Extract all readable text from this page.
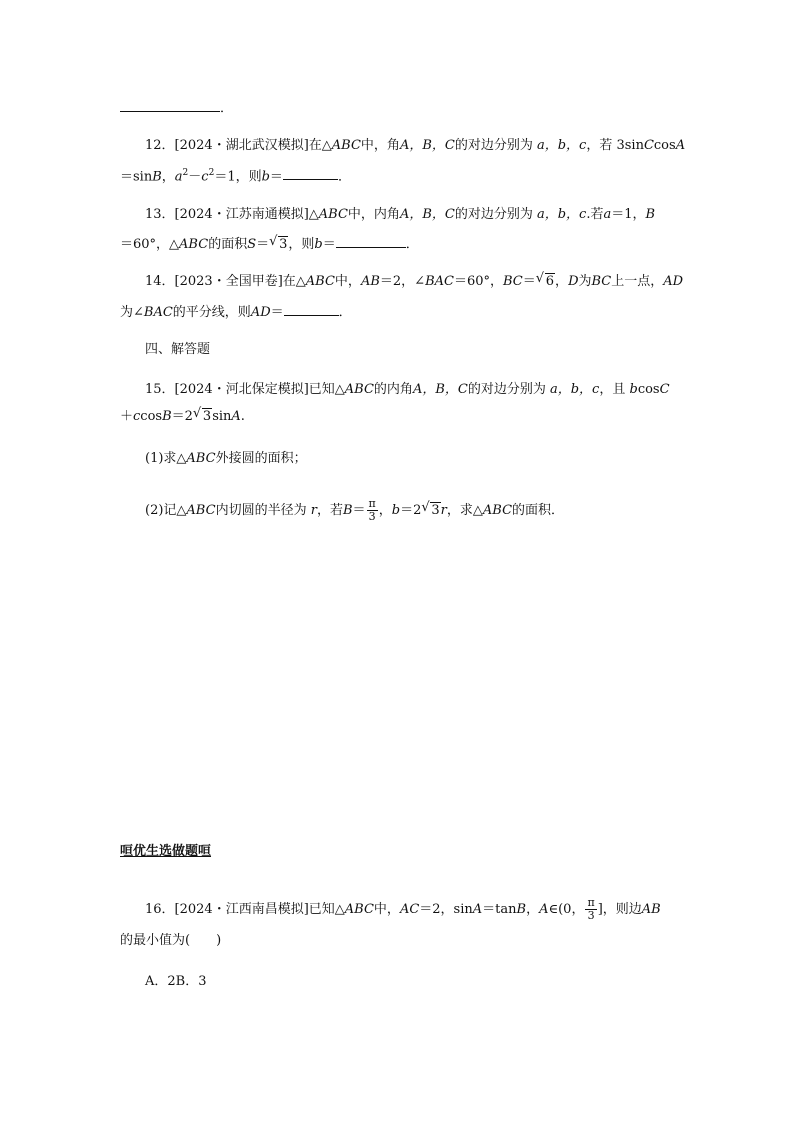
．
12．[2024・湖北武汉模拟]在△ABC中，角A，B，C的对边分别为 a，b，c，若 3sinCcosA
＝sinB，$a^2-c^2=1$，则b＝	．
13．[2024・江苏南通模拟]△ABC中，内角A，B，C的对边分别为 a，b，c.若a＝1，B
＝60°，△ABC的面积S＝ √ 3，则b＝	．
14．[2023・全国甲卷]在△ABC中，AB＝2，∠BAC＝60°，BC＝ √ 6，D为BC上一点，AD
为∠BAC的平分线，则AD＝	．
四、解答题
15．[2024・河北保定模拟]已知△ABC的内角A，B，C的对边分别为 a，b，c，且 bcosC
＋ccosB＝2 √ 3sinA.
(1)求△ABC外接圆的面积；
(2)记△ABC内切圆的半径为 r，若$B= \frac{\pi}{3}$ ，b＝2 √ 3r，求△ABC的面积．
咺优生选做题咺
16．[2024・江西南昌模拟]已知△ABC中，AC＝2，sinA＝tanB，A∈(0， $\frac{\pi}{3}$ ]，则边AB
的最小值为(　　)
A．2B．3
